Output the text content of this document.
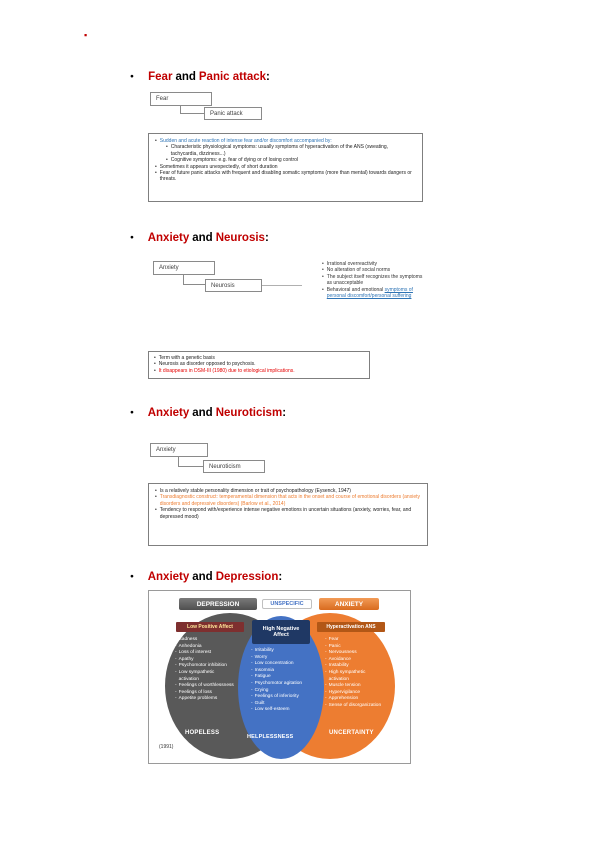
▪
● Fear and Panic attack:
Fear
Panic attack
• Sudden and acute reaction of intense fear and/or discomfort accompanied by:
• Characteristic physiological symptoms: usually symptoms of hyperactivation of the ANS (sweating, tachycardia, dizziness...)
• Cognitive symptoms: e.g. fear of dying or of losing control
• Sometimes it appears unexpectedly, of short duration
• Fear of future panic attacks with frequent and disabling somatic symptoms (more than mental) towards dangers or threats.
● Anxiety and Neurosis:
Anxiety
Neurosis
• Irrational overreactivity
• No alteration of social norms
• The subject itself recognizes the symptoms as unacceptable
• Behavioral and emotional symptoms of personal discomfort/personal suffering
• Term with a genetic basis
• Neurosis as disorder opposed to psychosis.
• It disappears in DSM-III (1980) due to etiological implications.
● Anxiety and Neuroticism:
Anxiety
Neuroticism
• Is a relatively stable personality dimension or trait of psychopathology (Eysenck, 1947)
• Transdiagnostic construct: temperamental dimension that acts in the onset and course of emotional disorders (anxiety disorders and depressive disorders) (Barlow et al., 2014)
• Tendency to respond with/experience intense negative emotions in uncertain situations (anxiety, worries, fear, and depressed mood)
● Anxiety and Depression:
DEPRESSION	UNSPECIFIC	ANXIETY
Low Positive Affect	High Negative Affect
Hyperactivation ANS
- Sadness
- Anhedonia
- Loss of interest
- Apathy
- Psychomotor inhibition
- Low sympathetic activation
- Feelings of worthlessness
- Feelings of loss
- Appetite problems
- Irritability
- Worry
- Low concentration
- Insomnia
- Fatigue
- Psychomotor agitation
- Crying
- Feelings of inferiority
- Guilt
- Low self-esteem
- Fear
- Panic
- Nervousness
- Avoidance
- Instability
- High sympathetic activation
- Muscle tension
- Hypervigilance
- Apprehension
- Sense of disorganization
HOPELESS
HELPLESSNESS
UNCERTAINTY
(1991)
